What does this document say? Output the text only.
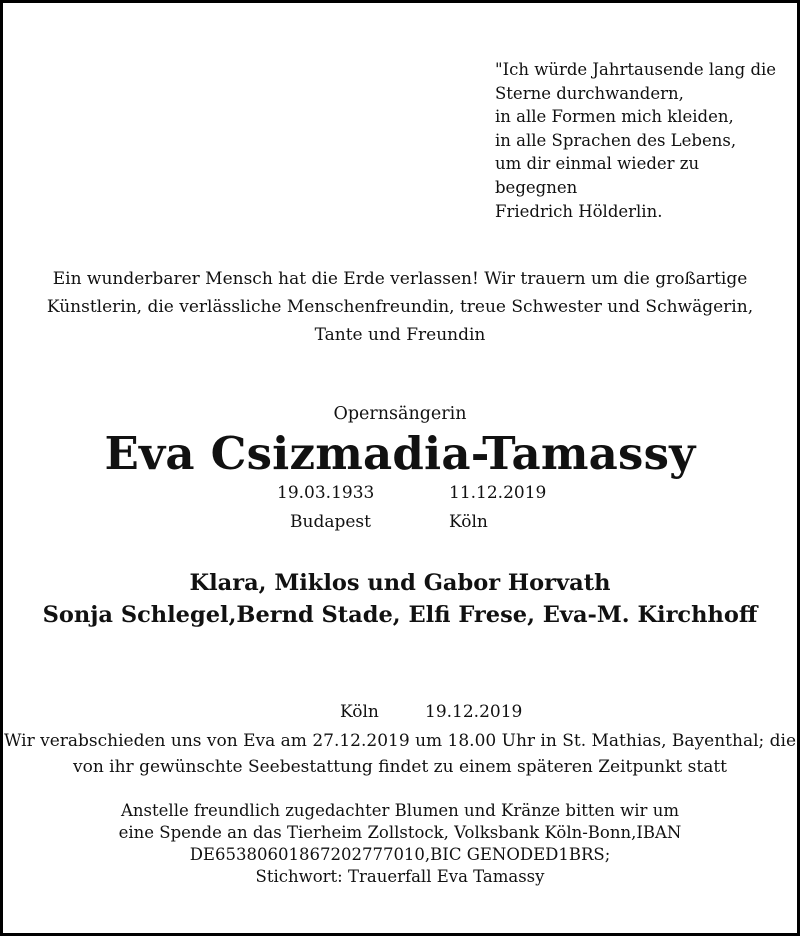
"Ich würde Jahrtausende lang die
Sterne durchwandern,
in alle Formen mich kleiden,
in alle Sprachen des Lebens,
um dir einmal wieder zu
begegnen
Friedrich Hölderlin.
Ein wunderbarer Mensch hat die Erde verlassen! Wir trauern um die großartige
Künstlerin, die verlässliche Menschenfreundin, treue Schwester und Schwägerin,
Tante und Freundin
Opernsängerin
Eva Csizmadia-Tamassy
19.03.1933	11.12.2019
Budapest	Köln
Klara, Miklos und Gabor Horvath
Sonja Schlegel,Bernd Stade, Elfi Frese, Eva-M. Kirchhoff
Köln	19.12.2019
Wir verabschieden uns von Eva am 27.12.2019 um 18.00 Uhr in St. Mathias, Bayenthal; die
von ihr gewünschte Seebestattung findet zu einem späteren Zeitpunkt statt
Anstelle freundlich zugedachter Blumen und Kränze bitten wir um
eine Spende an das Tierheim Zollstock, Volksbank Köln-Bonn,IBAN
DE65380601867202777010,BIC GENODED1BRS;
Stichwort: Trauerfall Eva Tamassy
